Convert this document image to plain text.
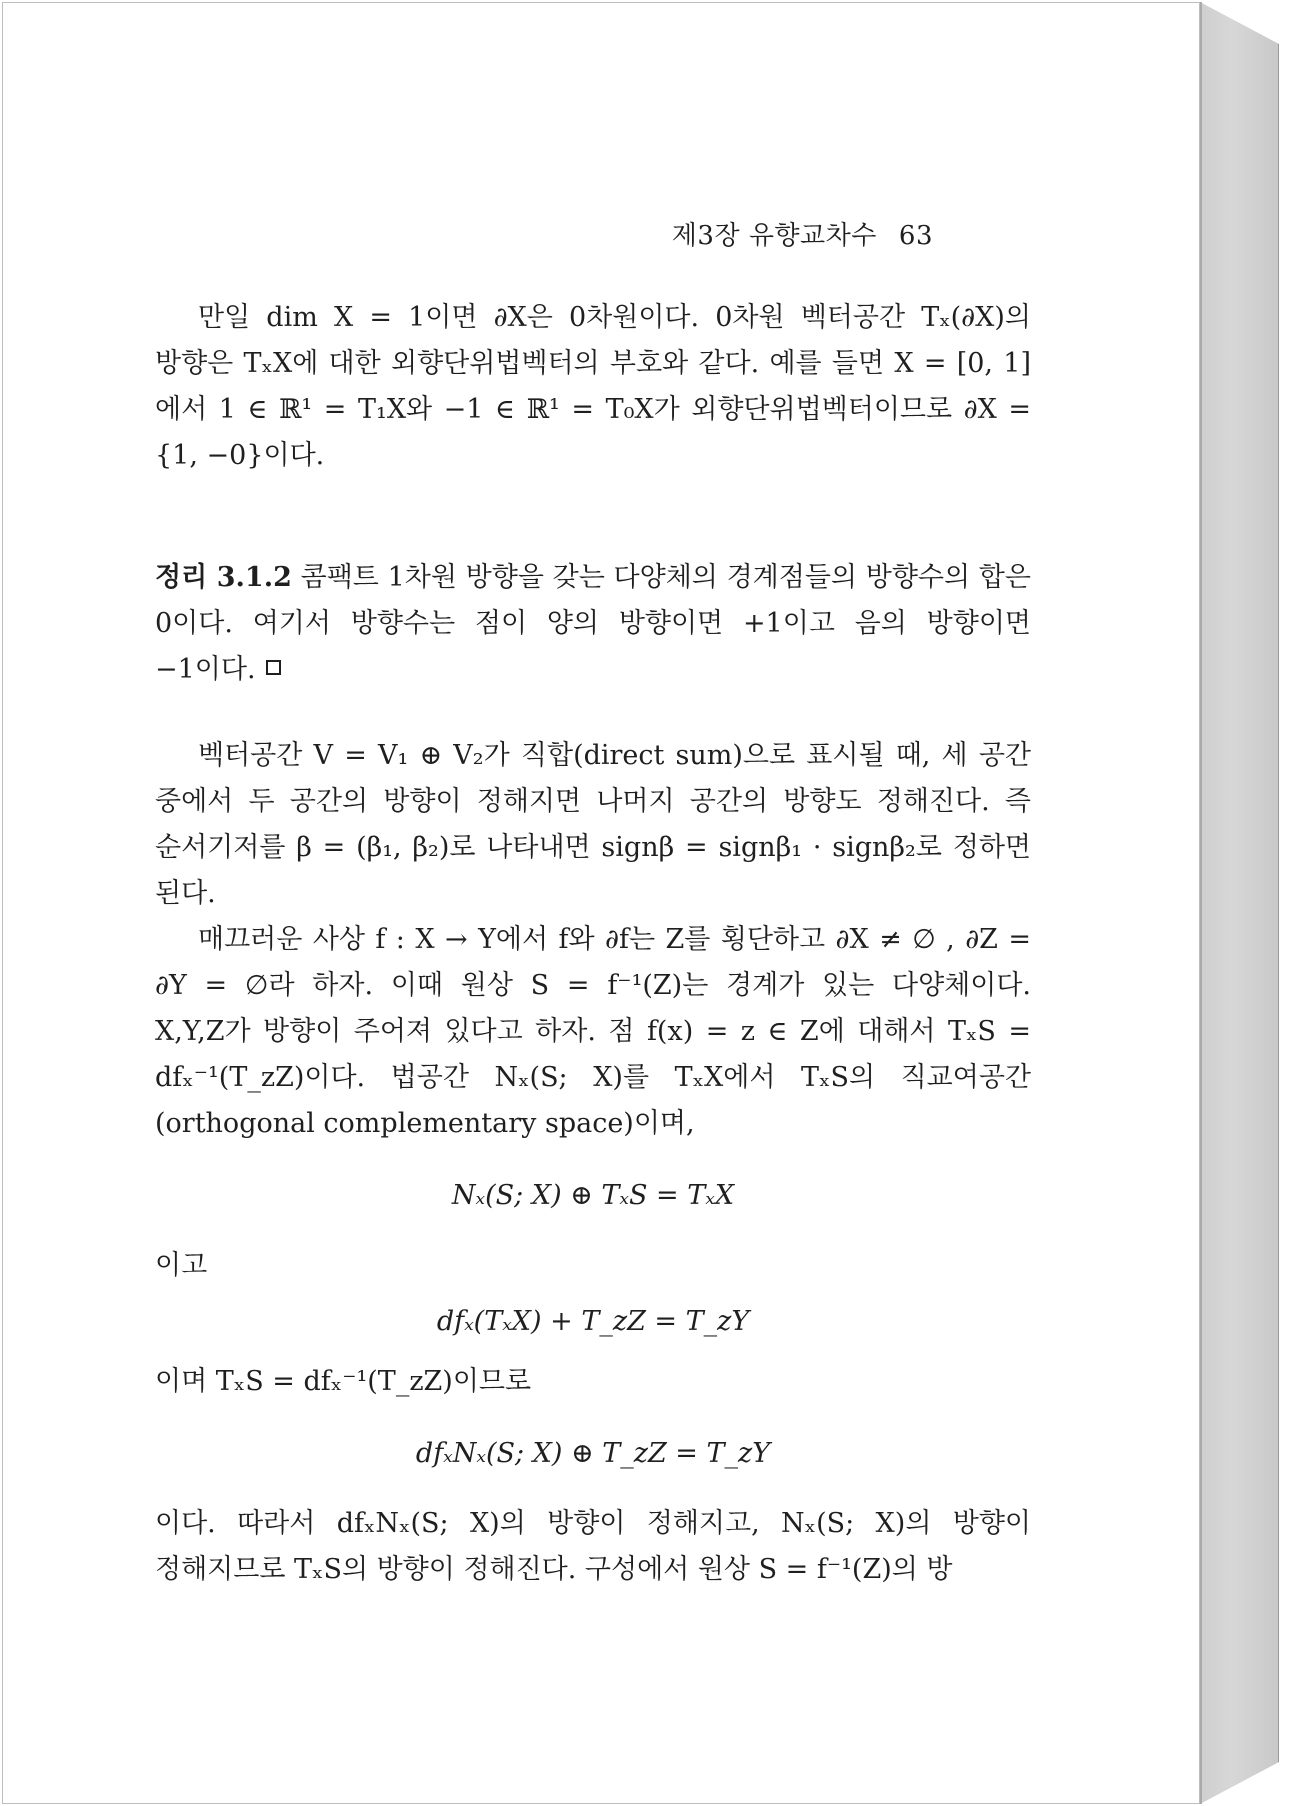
제3장 유향교차수 63

만일 dim X = 1이면 ∂X은 0차원이다. 0차원 벡터공간 Tₓ(∂X)의 방향은 TₓX에 대한 외향단위법벡터의 부호와 같다. 예를 들면 X = [0, 1]에서 1 ∈ ℝ¹ = T₁X와 −1 ∈ ℝ¹ = T₀X가 외향단위법벡터이므로 ∂X = {1, −0}이다.

정리 3.1.2 콤팩트 1차원 방향을 갖는 다양체의 경계점들의 방향수의 합은 0이다. 여기서 방향수는 점이 양의 방향이면 +1이고 음의 방향이면 −1이다.

벡터공간 V = V₁ ⊕ V₂가 직합(direct sum)으로 표시될 때, 세 공간 중에서 두 공간의 방향이 정해지면 나머지 공간의 방향도 정해진다. 즉 순서기저를 β = (β₁, β₂)로 나타내면 signβ = signβ₁ · signβ₂로 정하면 된다.

매끄러운 사상 f : X → Y에서 f와 ∂f는 Z를 횡단하고 ∂X ≠ ∅ , ∂Z = ∂Y = ∅라 하자. 이때 원상 S = f⁻¹(Z)는 경계가 있는 다양체이다. X,Y,Z가 방향이 주어져 있다고 하자. 점 f(x) = z ∈ Z에 대해서 TₓS = dfₓ⁻¹(T_zZ)이다. 법공간 Nₓ(S; X)를 TₓX에서 TₓS의 직교여공간(orthogonal complementary space)이며,

Nₓ(S; X) ⊕ TₓS = TₓX

이고

dfₓ(TₓX) + T_zZ = T_zY

이며 TₓS = dfₓ⁻¹(T_zZ)이므로

dfₓNₓ(S; X) ⊕ T_zZ = T_zY

이다. 따라서 dfₓNₓ(S; X)의 방향이 정해지고, Nₓ(S; X)의 방향이 정해지므로 TₓS의 방향이 정해진다. 구성에서 원상 S = f⁻¹(Z)의 방
